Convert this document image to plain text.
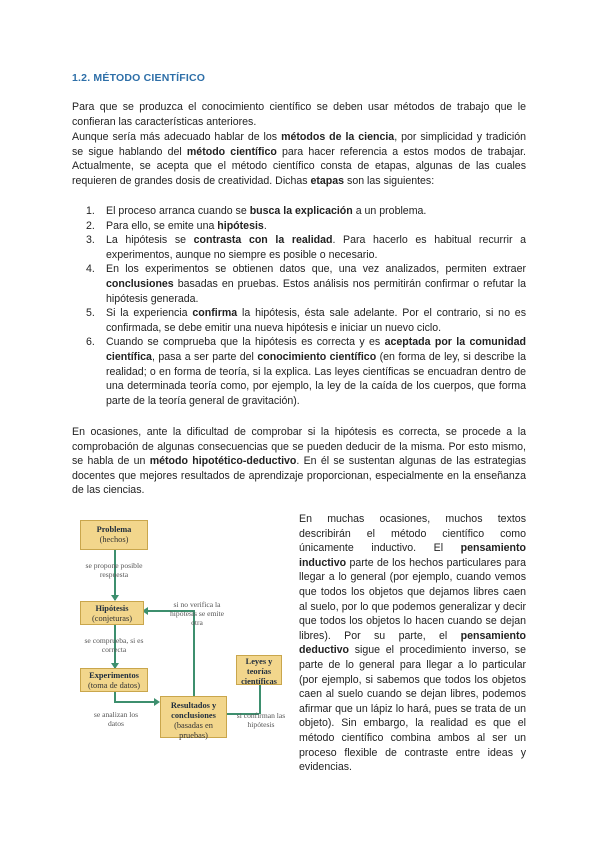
1.2. MÉTODO CIENTÍFICO

Para que se produzca el conocimiento científico se deben usar métodos de trabajo que le confieran las características anteriores.

Aunque sería más adecuado hablar de los métodos de la ciencia, por simplicidad y tradición se sigue hablando del método científico para hacer referencia a estos modos de trabajar. Actualmente, se acepta que el método científico consta de etapas, algunas de las cuales requieren de grandes dosis de creatividad. Dichas etapas son las siguientes:

1. El proceso arranca cuando se busca la explicación a un problema.
2. Para ello, se emite una hipótesis.
3. La hipótesis se contrasta con la realidad. Para hacerlo es habitual recurrir a experimentos, aunque no siempre es posible o necesario.
4. En los experimentos se obtienen datos que, una vez analizados, permiten extraer conclusiones basadas en pruebas. Estos análisis nos permitirán confirmar o refutar la hipótesis generada.
5. Si la experiencia confirma la hipótesis, ésta sale adelante. Por el contrario, si no es confirmada, se debe emitir una nueva hipótesis e iniciar un nuevo ciclo.
6. Cuando se comprueba que la hipótesis es correcta y es aceptada por la comunidad científica, pasa a ser parte del conocimiento científico (en forma de ley, si describe la realidad; o en forma de teoría, si la explica. Las leyes científicas se encuadran dentro de una determinada teoría como, por ejemplo, la ley de la caída de los cuerpos, que forma parte de la teoría general de gravitación).

En ocasiones, ante la dificultad de comprobar si la hipótesis es correcta, se procede a la comprobación de algunas consecuencias que se pueden deducir de la misma. Por esto mismo, se habla de un método hipotético-deductivo. En él se sustentan algunas de las estrategias docentes que mejores resultados de aprendizaje proporcionan, especialmente en la enseñanza de las ciencias.

Problema
(hechos)
se propone posible respuesta
Hipótesis
(conjeturas)
si no verifica la hipótesis se emite otra
se comprueba, si es correcta
Experimentos
(toma de datos)
Leyes y teorías científicas
se analizan los datos
Resultados y conclusiones
(basadas en pruebas)
si confirman las hipótesis

En muchas ocasiones, muchos textos describirán el método científico como únicamente inductivo. El pensamiento inductivo parte de los hechos particulares para llegar a lo general (por ejemplo, cuando vemos que todos los objetos que dejamos libres caen al suelo, por lo que podemos generalizar y decir que todos los objetos lo hacen cuando se dejan libres). Por su parte, el pensamiento deductivo sigue el procedimiento inverso, se parte de lo general para llegar a lo particular (por ejemplo, si sabemos que todos los objetos caen al suelo cuando se dejan libres, podemos afirmar que un lápiz lo hará, pues se trata de un objeto). Sin embargo, la realidad es que el método científico combina ambos al ser un proceso flexible de contraste entre ideas y evidencias.
